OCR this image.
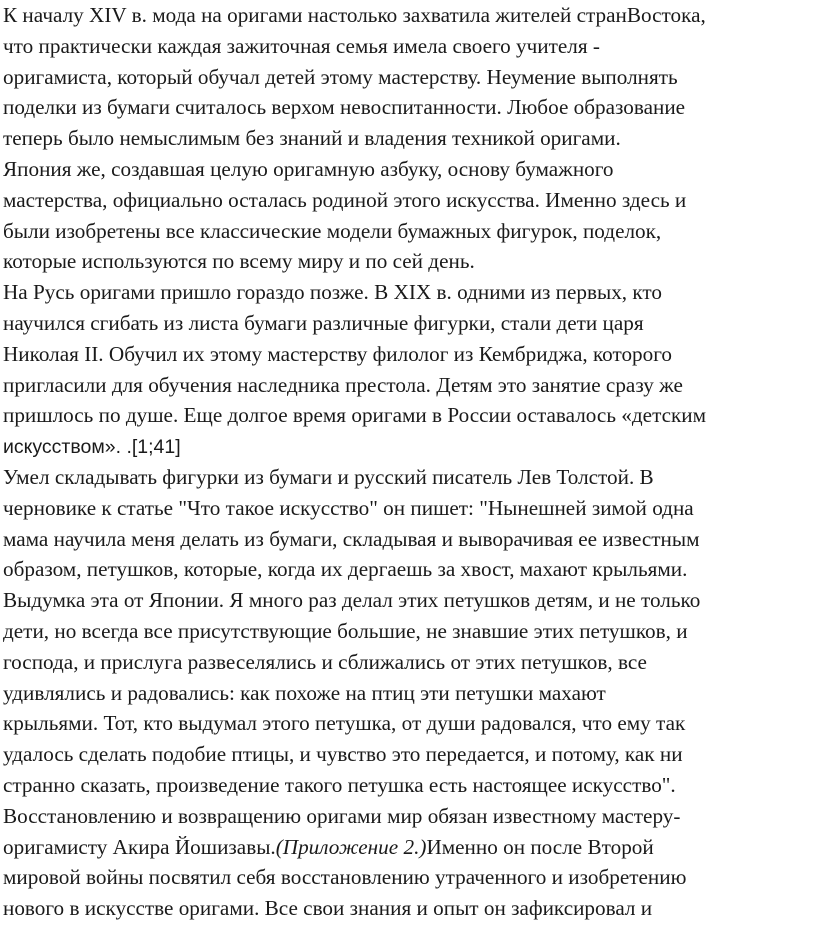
К началу XIV в. мода на оригами настолько захватила жителей странВостока,
что практически каждая зажиточная семья имела своего учителя -
оригамиста, который обучал детей этому мастерству. Неумение выполнять
поделки из бумаги считалось верхом невоспитанности. Любое образование
теперь было немыслимым без знаний и владения техникой оригами.
Япония же, создавшая целую оригамную азбуку, основу бумажного
мастерства, официально осталась родиной этого искусства. Именно здесь и
были изобретены все классические модели бумажных фигурок, поделок,
которые используются по всему миру и по сей день.
На Русь оригами пришло гораздо позже. В XIX в. одними из первых, кто
научился сгибать из листа бумаги различные фигурки, стали дети царя
Николая II. Обучил их этому мастерству филолог из Кембриджа, которого
пригласили для обучения наследника престола. Детям это занятие сразу же
пришлось по душе. Еще долгое время оригами в России оставалось «детским
искусством». .[1;41]
Умел складывать фигурки из бумаги и русский писатель Лев Толстой. В
черновике к статье "Что такое искусство" он пишет: "Нынешней зимой одна
мама научила меня делать из бумаги, складывая и выворачивая ее известным
образом, петушков, которые, когда их дергаешь за хвост, махают крыльями.
Выдумка эта от Японии. Я много раз делал этих петушков детям, и не только
дети, но всегда все присутствующие большие, не знавшие этих петушков, и
господа, и прислуга развеселялись и сближались от этих петушков, все
удивлялись и радовались: как похоже на птиц эти петушки махают
крыльями. Тот, кто выдумал этого петушка, от души радовался, что ему так
удалось сделать подобие птицы, и чувство это передается, и потому, как ни
странно сказать, произведение такого петушка есть настоящее искусство".
Восстановлению и возвращению оригами мир обязан известному мастеру-
оригамисту Акира Йошизавы.(Приложение 2.)Именно он после Второй
мировой войны посвятил себя восстановлению утраченного и изобретению
нового в искусстве оригами. Все свои знания и опыт он зафиксировал и
